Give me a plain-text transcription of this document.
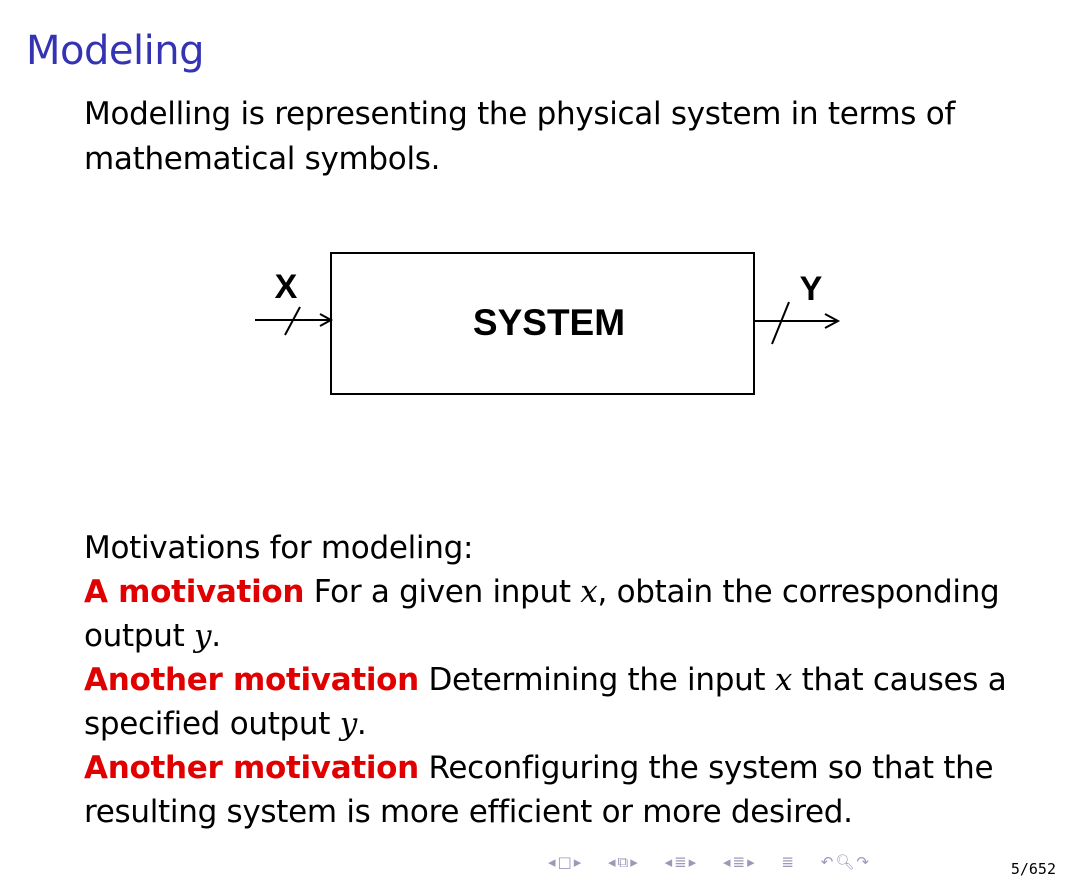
Modeling
Modelling is representing the physical system in terms of mathematical symbols.
SYSTEM
X	Y
Motivations for modeling:
A motivation For a given input x, obtain the corresponding output y.
Another motivation Determining the input x that causes a specified output y.
Another motivation Reconfiguring the system so that the resulting system is more efficient or more desired.
◂□▸ ◂⧉▸ ◂≣▸ ◂≣▸ ≣ ↶🔍︎↷	5/652
